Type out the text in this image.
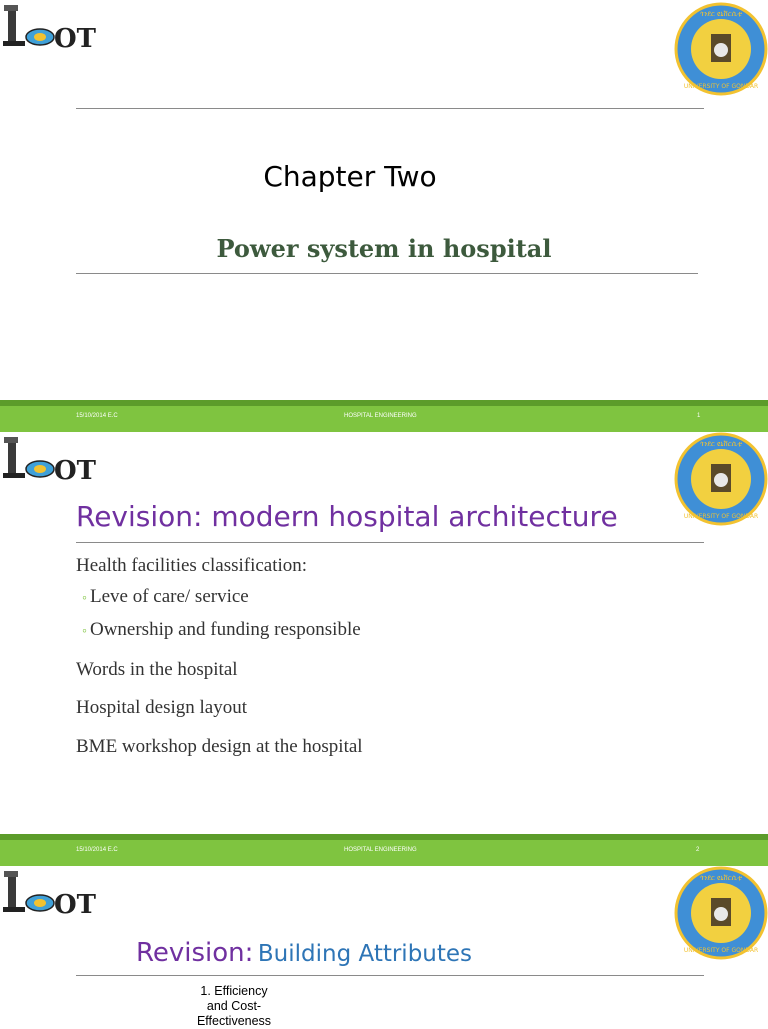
OT
ጎንደር ዩኒቨርሲቲ
UNIVERSITY OF GONDAR
Chapter Two
Power system in hospital
15/10/2014 E.C	HOSPITAL ENGINEERING	1
OT
ጎንደር ዩኒቨርሲቲ
UNIVERSITY OF GONDAR
Revision: modern hospital architecture
Health facilities classification:
◦ Leve of care/ service
◦ Ownership and funding responsible
Words in the hospital
Hospital design layout
BME workshop design at the hospital
15/10/2014 E.C	HOSPITAL ENGINEERING	2
OT
ጎንደር ዩኒቨርሲቲ
UNIVERSITY OF GONDAR
Revision: Building Attributes
1. Efficiency and Cost-Effectiveness
